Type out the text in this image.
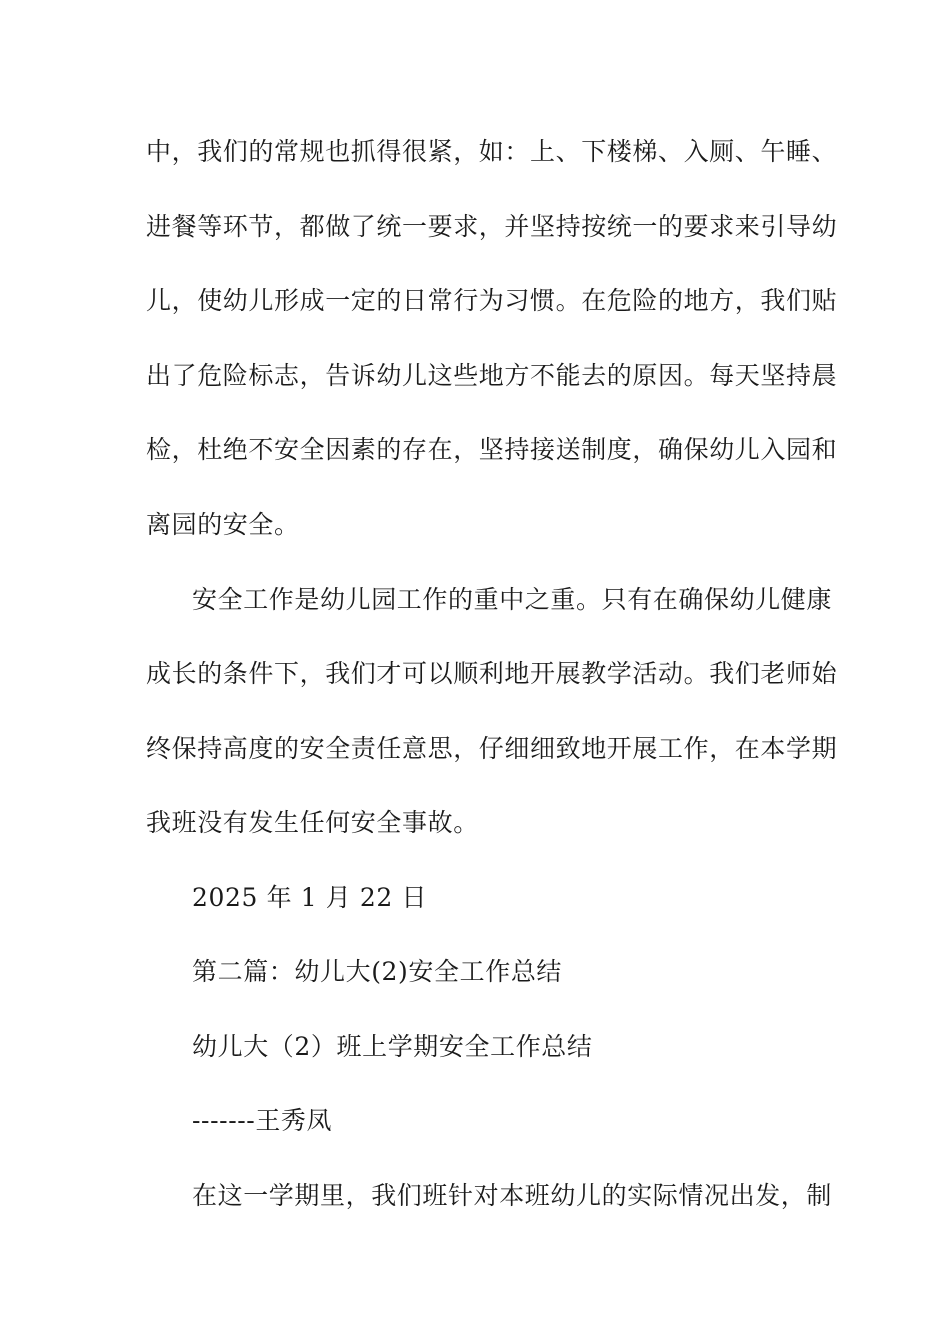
中，我们的常规也抓得很紧，如：上、下楼梯、入厕、午睡、
进餐等环节，都做了统一要求，并坚持按统一的要求来引导幼
儿，使幼儿形成一定的日常行为习惯。在危险的地方，我们贴
出了危险标志，告诉幼儿这些地方不能去的原因。每天坚持晨
检，杜绝不安全因素的存在，坚持接送制度，确保幼儿入园和
离园的安全。
安全工作是幼儿园工作的重中之重。只有在确保幼儿健康
成长的条件下，我们才可以顺利地开展教学活动。我们老师始
终保持高度的安全责任意思，仔细细致地开展工作，在本学期
我班没有发生任何安全事故。
2025 年 1 月 22 日
第二篇：幼儿大(2)安全工作总结
幼儿大（2）班上学期安全工作总结
-------王秀凤
在这一学期里，我们班针对本班幼儿的实际情况出发，制
